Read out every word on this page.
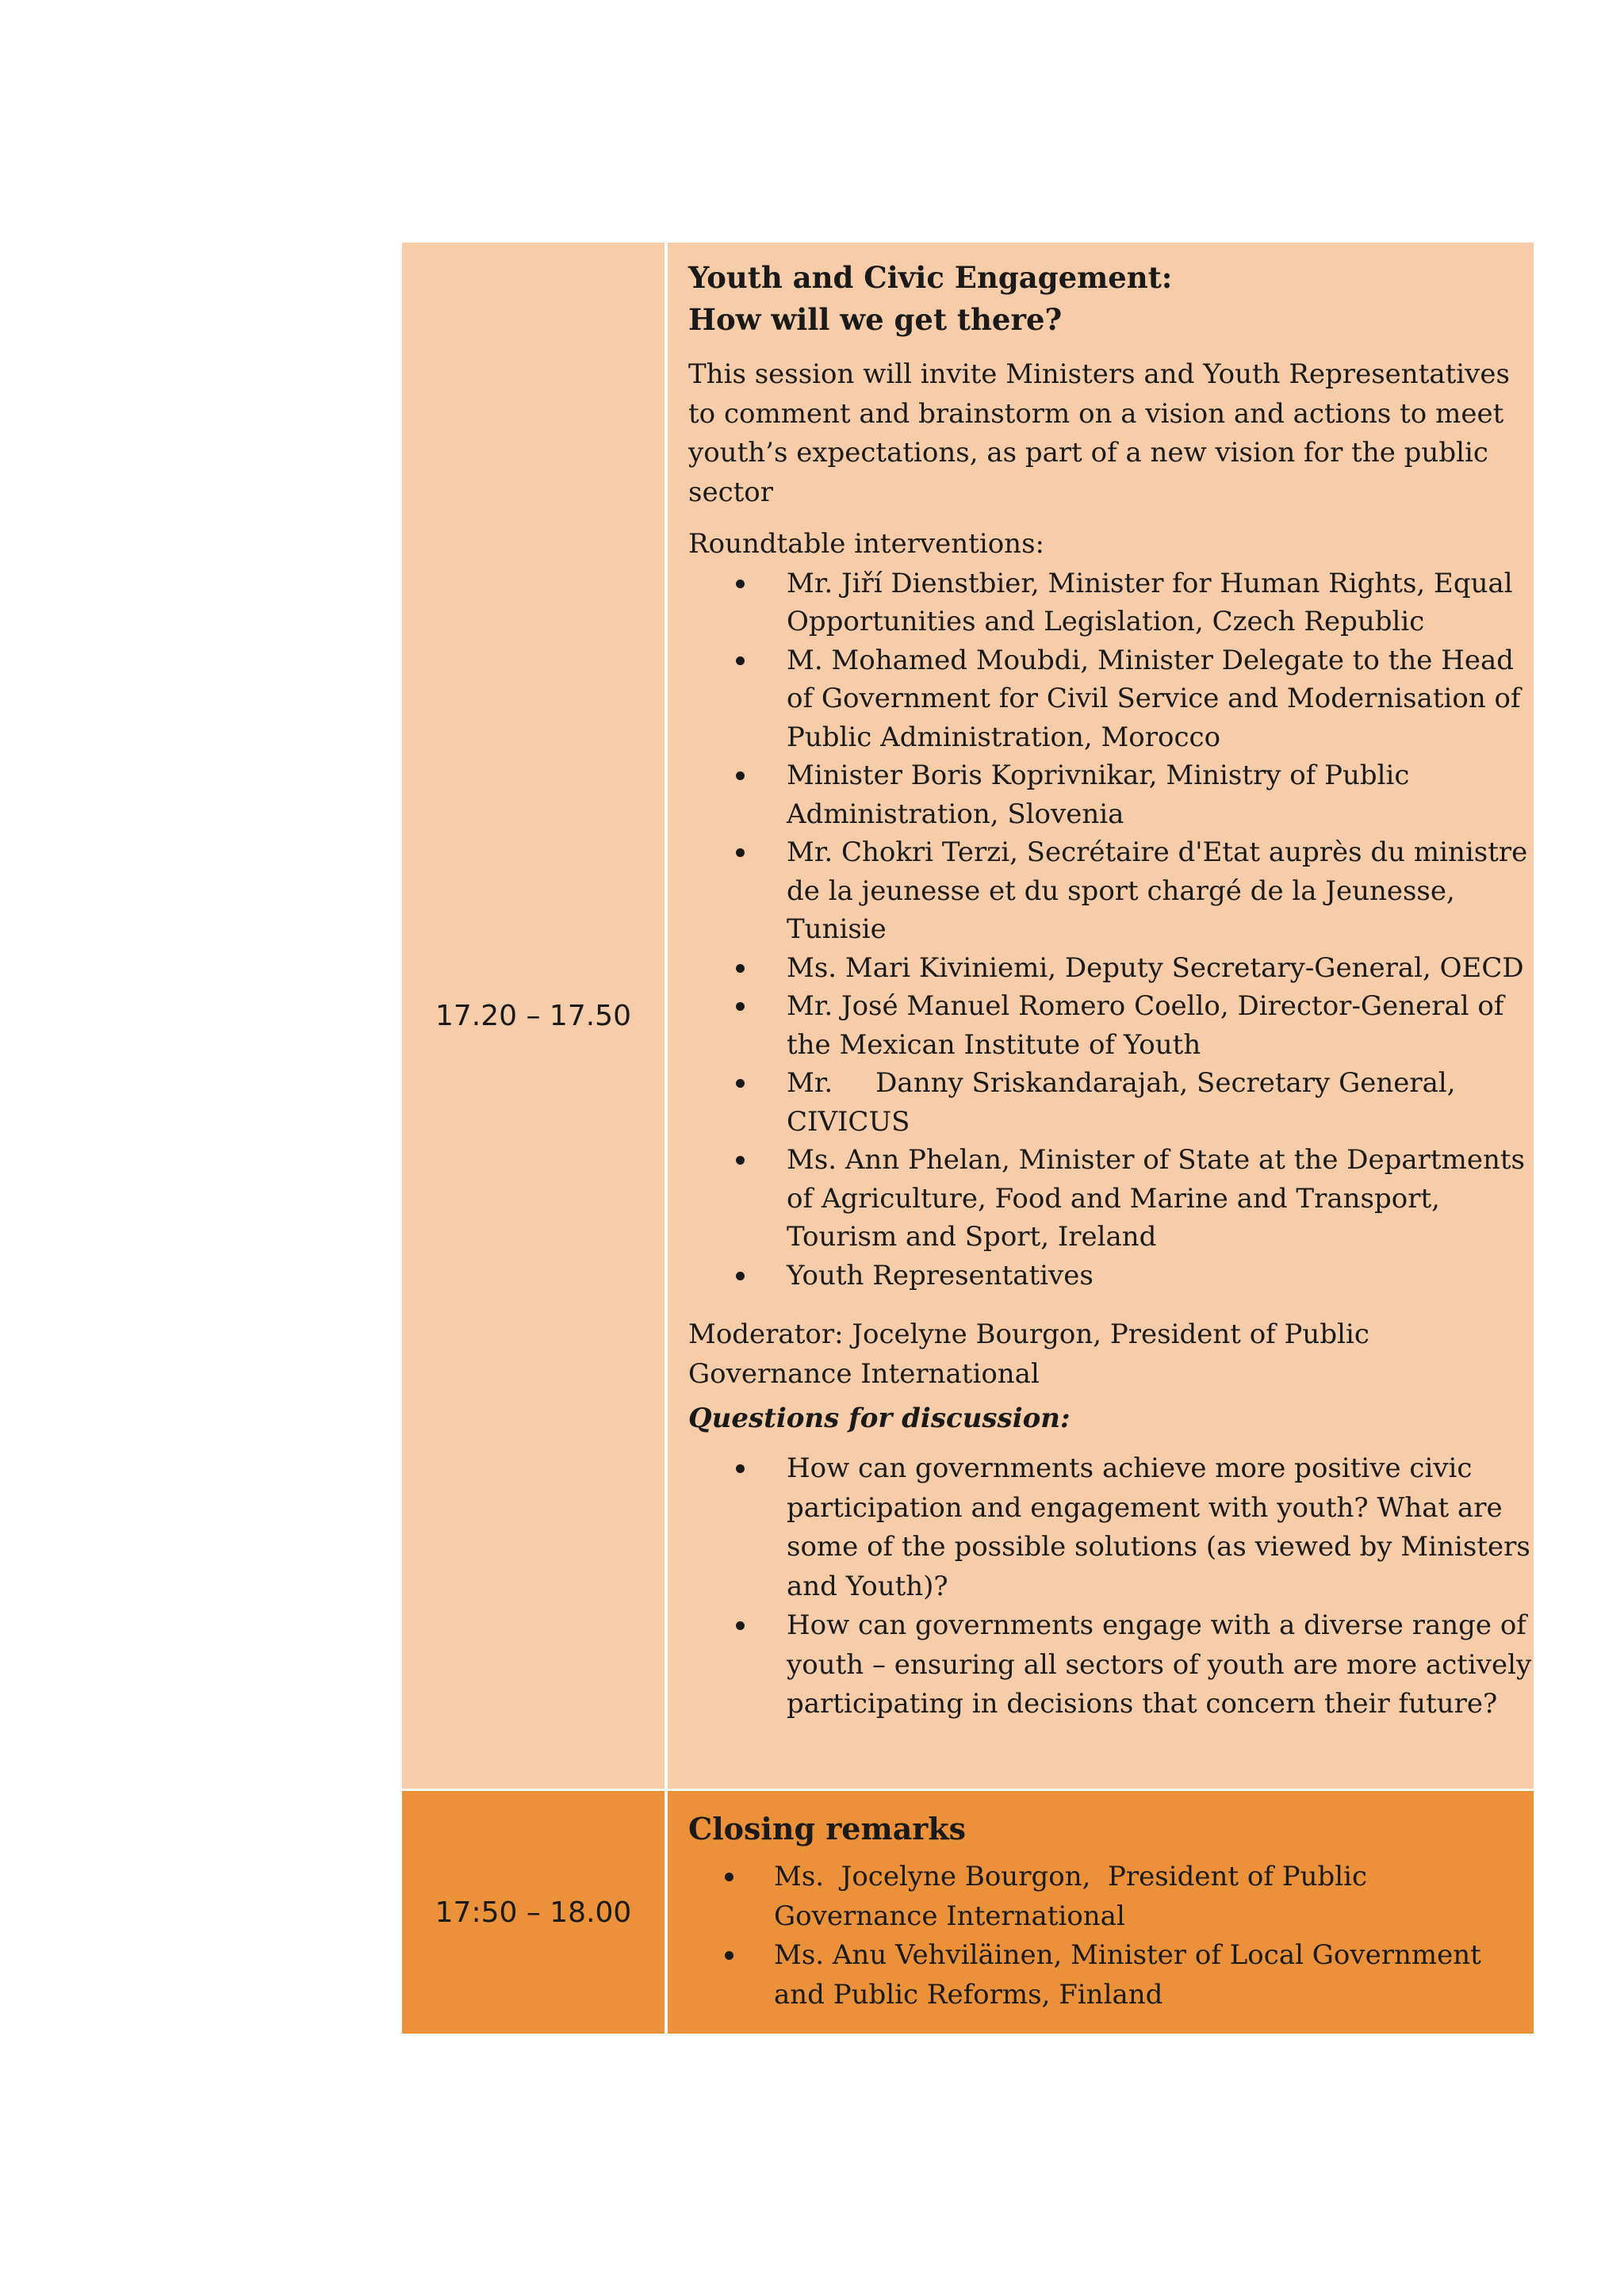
17.20 – 17.50

Youth and Civic Engagement:

How will we get there?

This session will invite Ministers and Youth Representatives to comment and brainstorm on a vision and actions to meet youth’s expectations, as part of a new vision for the public sector

Roundtable interventions:

Mr. Jiří Dienstbier, Minister for Human Rights, Equal Opportunities and Legislation, Czech Republic
M. Mohamed Moubdi, Minister Delegate to the Head of Government for Civil Service and Modernisation of Public Administration, Morocco
Minister Boris Koprivnikar, Ministry of Public Administration, Slovenia
Mr. Chokri Terzi, Secrétaire d'Etat auprès du ministre de la jeunesse et du sport chargé de la Jeunesse, Tunisie
Ms. Mari Kiviniemi, Deputy Secretary-General, OECD
Mr. José Manuel Romero Coello, Director-General of the Mexican Institute of Youth
Mr.     Danny Sriskandarajah, Secretary General, CIVICUS
Ms. Ann Phelan, Minister of State at the Departments of Agriculture, Food and Marine and Transport, Tourism and Sport, Ireland
Youth Representatives

Moderator: Jocelyne Bourgon, President of Public Governance International

Questions for discussion:

How can governments achieve more positive civic participation and engagement with youth? What are some of the possible solutions (as viewed by Ministers and Youth)?
How can governments engage with a diverse range of youth – ensuring all sectors of youth are more actively participating in decisions that concern their future?
17:50 – 18.00

Closing remarks

Ms.  Jocelyne Bourgon,  President of Public Governance International
Ms. Anu Vehviläinen, Minister of Local Government and Public Reforms, Finland
